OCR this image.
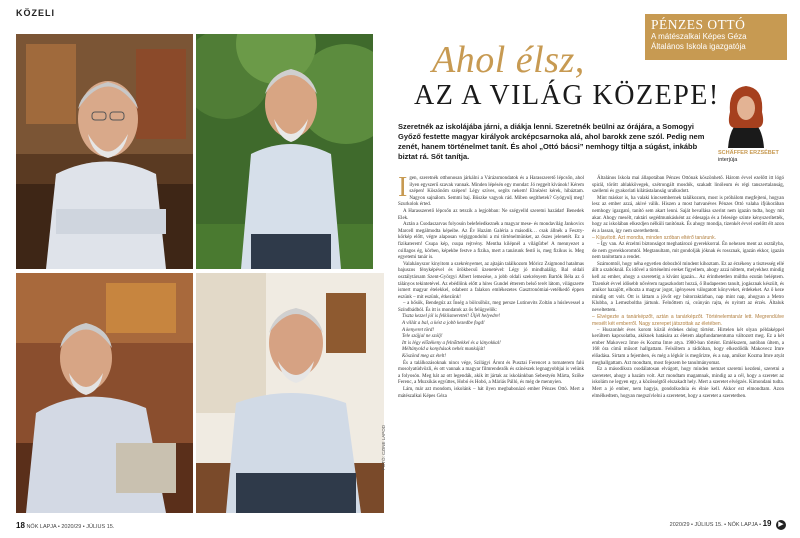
KÖZELI
FOTÓ: CZINE LAPOD
PÉNZES OTTÓ
A mátészalkai Képes Géza
Általános Iskola igazgatója
Ahol élsz,
AZ A VILÁG KÖZEPE!
SCHÄFFER ERZSÉBET
interjúja
Szeretnék az iskolájába járni, a diákja lenni. Szeretnék beülni az órájára, a Somogyi Győző festette magyar királyok arcképcsarnoka alá, ahol barokk zene szól. Pedig nem zenét, hanem történelmet tanít. És ahol „Ottó bácsi” nemhogy tiltja a súgást, inkább biztat rá. Sőt tanítja.

Igen, szeretnék otthonosan járkálni a Várázsmondatok és a Harasszerető lépcsőn, ahol ilyen egyszerű szavak vannak. Minden lépésén egy mondat: Jó reggelt kívánok! Kérem szépen! Köszönöm szépen! Légy szíves, segíts nekem! Elnézést kérek, hibáztam. Nagyon sajnálom. Semmi baj. Büszke vagyok rád. Miben segíthetek? Gyógyulj meg! Szurkolok érted.

A Harasszerető lépcsőn az tetszik a legjobban: Ne szégyelld szeretni hazádat! Benedek Elek.

Aztán a Csodaszarvas folyosón belefeledkeznék a magyar mese- és mondavilág Jankovics Marcell megálmodta képeibe. Az Év Hazám Galéria a második… csak állnék a Feszty-körkép előtt, végre alaposan végiggondolni a mi történelmünket, az őszes jelenetét. Ez a fizikaterem! Csupa kép, csupa rejtvény. Mentha kilépnél a világűrbe! A mennyezet a csillagos ég, körben, képekbe festve a fizika, mert a tanárunk festő is, meg fizikus is. Meg egyetemi tanár is.

Valahányszor kinyitom a szekrényemet, az ajtaján találkozom Móricz Zsigmond hatalmas bajuszos fényképével és örökbecsű üzenetével: Légy jó mindhalálig. Bal oldali osztálytársam Szent-Györgyi Albert lemezése, a jobb oldali szekrényem Bartók Béla az ő tálányos tekintetével. Az ebédlőnk előtt a híres Gundel étterem belső terét látom, világszerte ismert magyar ételekkel, odabent a falakon emlékezetes Gasztronómiai-vetélkedő éppen eszünk – mit eszünk, étkezünk!

– a hősök, Bendegúz az Ínség a bölcsőhöz, meg persze Lutinovits Zoltán a húslevessel a Színdbádból. És itt is mondatok az ős felügyelők:

Tiszta kezzel jól is felkiismerettel! Üljél helyedre!

A villát a bal, a kést a jobb kezedbe fogd!

A kenyeret törd!

Tele szájjal ne szólj!

Itt is légy előzékeny a felnőttekkel és a lányokkal!

Méltányold a konyhások nehéz munkáját!

Köszönd meg az ételt!

És a találkozásoknak nincs vége, Szilágyi Áront és Pusztai Ferencet a tornaterem falú mosolyatúdvözli, és ott vannak a magyar filmrendezők és színészek legnagyobbjai is velünk a folyosón. Meg hát az ott legendák, akik itt jártak az iskolánkban Sebestyén Márta, Szőke Ferenc, a Muzsikás együttes, Hobó és Hobó, a Máriás Pálló, és még de mennyien.

Lám, már azt mondom, iskolánk – hát ilyen megbabonázó ember Pénzes Ottó. Mert a mátészalkai Képes Géza

Általános Iskola mai állapotában Pénzes Ottónak köszönhető. Három évvel ezelőtt itt lógó spirál, törött ablakkövegek, szétrongált mosdók, szakadt linóleum és régi tanszertalanság, szellemi és gyakorlati kilátástalanság uralkodott.

Mint máskor is, ha valaki kincsembernek találkozom, most is próbálom megfejteni, hogyan lesz az ember azzá, akivé válik. Hiszen a most hatvanéves Pénzes Ottó valaha ifjúkorában nemhogy igazgató, tanító sem akart lenni. Saját bevallása szerint nem igazán tudta, hogy mit akar. Ahogy mesélt, raktári segédmunkásként az édesapja és a felesége szinte kényszerítették, hogy az iskolában elkezdjen nélküli tanítónak. És ahogy mondja, tizenkét évvel ezelőtt élt azon és a lassan, így nem szerethettem.

– Kijavított. Azt mondta, minden szóban eltérő tanárunk.

– Így van. Az érzelmi biztonságot meghatározó gyerekkorral. Én nehezen ment az osztályba, de nem gyerekkoromtól. Megtanultam, mit gondolják jóknak és rossznak, igazán ekkor, igazán nem tanítottam a rendet.

Számomtól, hogy néha egyetlen dobozból mindent kihoztam. Ez az érzékeny a tisztesség ellé állt a szabóknál. És idővel a történelmi ereket figyeltem, ahogy azzá nőttem, melyekhez mindig kell az ember, ahogy a szeretetig a kívánt igazán... Az érinthetetlen múltba ezután beléptem. Tizenkét évvel idősebb nővérem ragaszkodott hozzá, ő Budapesten tanult, jogásznak készült, és amikor hazajött, elhozta a magyar jogot, igényesen válogatott könyveket, érdekeket. Az ő keze mindig ott volt. Ott is láttam a jövőt egy bútorraktárban, nap mint nap, ahogyan a Metro Klubba, a Lemezboltba jártunk. Felnőttem rá, csúnyán rajta, és nyitott az érzés. Általuk neveltettem.

– Elvégezte a tanárképzőt, aztán a tanárképzőt. Történelemtanár lett. Megrendülve mesélt két emberről. Nagy szerepet játszottak az életében.

– Huszonhét éves korom közül érdekes dolog történt. Hirtelen két olyan példaképpel kerültem kapcsolatba, akiknek hatására az életem alapfundamentuma változott meg. Ez a két ember Makovecz Imre és Kozma Imre atya. 1980-ban történt. Emlékszem, autóban ültem, a 168 óra című műsort hallgattam. Felsöltem a rádióban, hogy elkezdődik Makovecz Imre előadása. Sirtam a fejemben, és még a légkör is megőrizte, és a nap, amikor Kozma Imre atyát meghallgattam. Azt mondtam, most fejezem be tanulmányomat.

Ez a másodiksra csodálatosan elvágott, hogy minden nemzet szeretni kezdeni, szeretni a szeretetet, ahogy a hazám volt. Azt mondtam magamnak, mindig az a cél, hogy a szeretet az iskolám ne legyen egy, a közösségtől elszakadt hely. Mert a szeretet elvégzés. Kimondani tudta. Mert a jó ember, nem hagyja, gondolkodnia és élnie kell. Akkor ezt elmondtam. Azon elmélkedtem, hogyan megszívlelni a szeretetet, hogy a szeretet a szeretetben.

18 NŐK LAPJA • 2020/29 • JÚLIUS 15.	2020/29 • JÚLIUS 15. • NŐK LAPJA • 19 ▶
